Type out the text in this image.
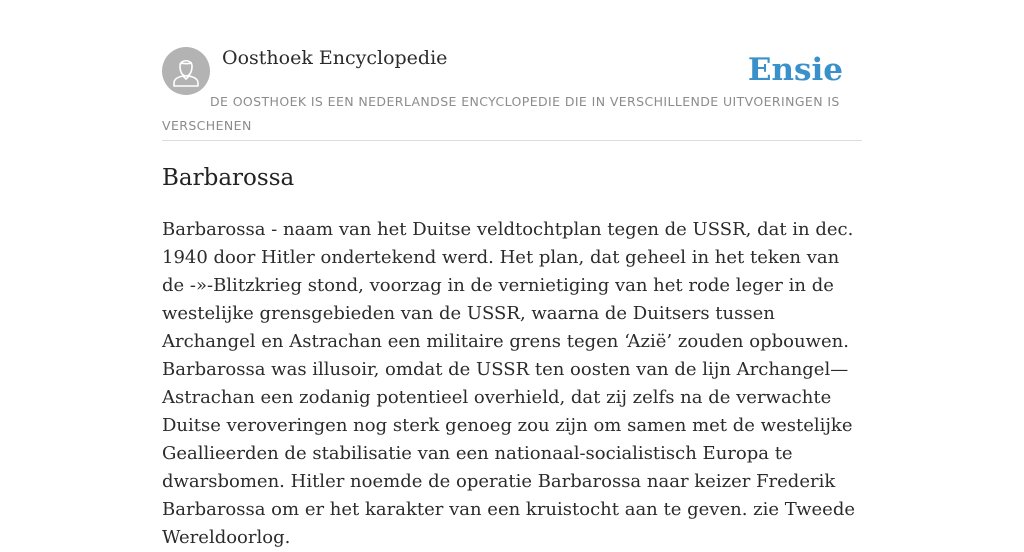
Oosthoek Encyclopedie	Ensie
DE OOSTHOEK IS EEN NEDERLANDSE ENCYCLOPEDIE DIE IN VERSCHILLENDE UITVOERINGEN IS VERSCHENEN
Barbarossa

Barbarossa - naam van het Duitse veldtochtplan tegen de USSR, dat in dec. 1940 door Hitler ondertekend werd. Het plan, dat geheel in het teken van de -»-Blitzkrieg stond, voorzag in de vernietiging van het rode leger in de westelijke grensgebieden van de USSR, waarna de Duitsers tussen Archangel en Astrachan een militaire grens tegen ‘Azië’ zouden opbouwen. Barbarossa was illusoir, omdat de USSR ten oosten van de lijn Archangel—Astrachan een zodanig potentieel overhield, dat zij zelfs na de verwachte Duitse veroveringen nog sterk genoeg zou zijn om samen met de westelijke Geallieerden de stabilisatie van een nationaal-socialistisch Europa te dwarsbomen. Hitler noemde de operatie Barbarossa naar keizer Frederik Barbarossa om er het karakter van een kruistocht aan te geven. zie Tweede Wereldoorlog.
